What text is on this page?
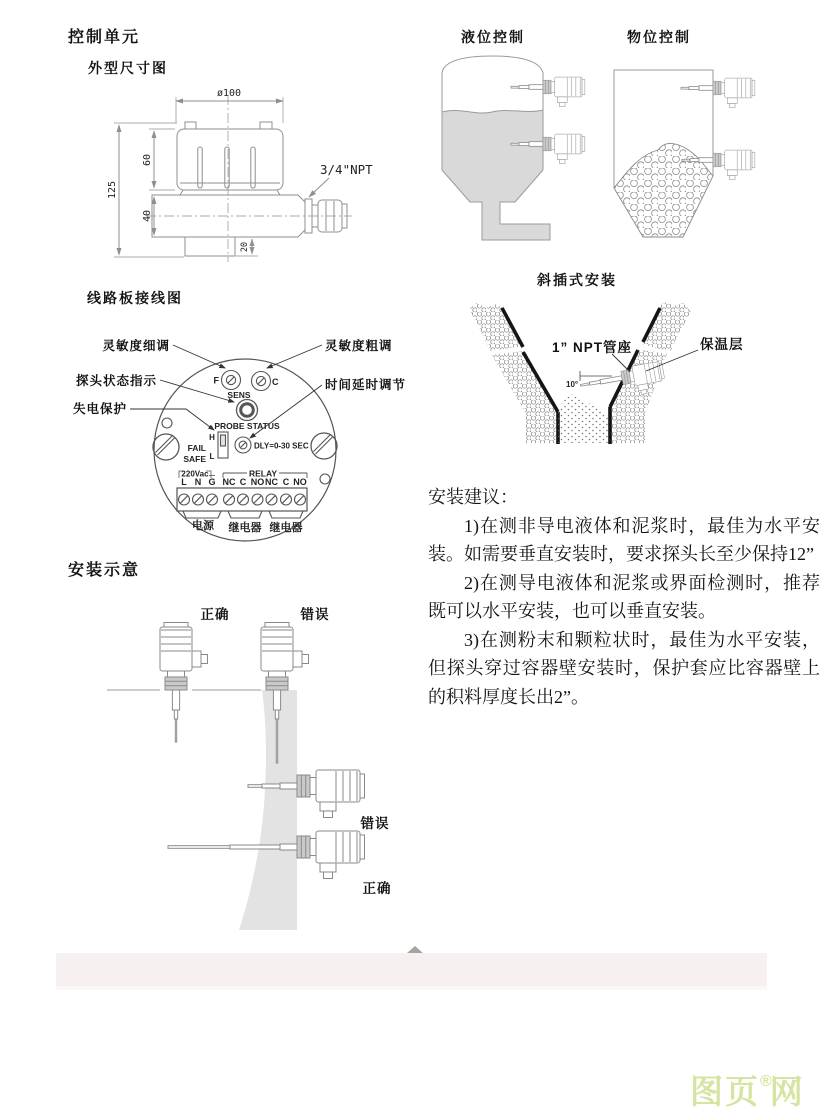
控制单元
外型尺寸图
液位控制	物位控制
线路板接线图
斜插式安装
安装示意
ø100
125
60
40
20
3/4"NPT
F	C
SENS
PROBE STATUS
FAIL
SAFE
H
L
DLY=0-30 SEC
220Vac	RELAY
L N G NC C NO NC C NO
电源 继电器 继电器
灵敏度细调	灵敏度粗调
探头状态指示
失电保护
时间延时调节	10°
1” NPT管座	保温层

安装建议：

1)在测非导电液体和泥浆时，最佳为水平安装。如需要垂直安装时，要求探头长至少保持12”

2)在测导电液体和泥浆或界面检测时，推荐既可以水平安装，也可以垂直安装。

3)在测粉末和颗粒状时，最佳为水平安装，但探头穿过容器壁安装时，保护套应比容器壁上的积料厚度长出2”。

正确	错误
错误
正确
图页®网
